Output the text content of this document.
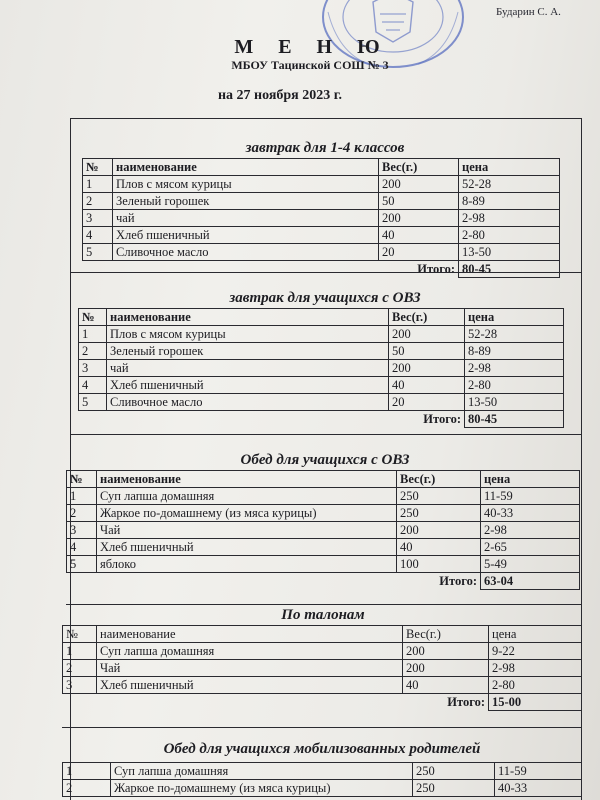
Бударин С. А.
М Е Н Ю
МБОУ Тацинской СОШ № 3
на 27 ноября 2023 г.
завтрак для 1-4 классов
№	наименование	Вес(г.)	цена
1	Плов с мясом курицы	200	52-28
2	Зеленый горошек	50	8-89
3	чай	200	2-98
4	Хлеб пшеничный	40	2-80
5	Сливочное масло	20	13-50
Итого:			80-45
завтрак для учащихся с ОВЗ
№	наименование	Вес(г.)	цена
1	Плов с мясом курицы	200	52-28
2	Зеленый горошек	50	8-89
3	чай	200	2-98
4	Хлеб пшеничный	40	2-80
5	Сливочное масло	20	13-50
Итого:			80-45
Обед для учащихся с ОВЗ
№	наименование	Вес(г.)	цена
1	Суп лапша домашняя	250	11-59
2	Жаркое по-домашнему (из мяса курицы)	250	40-33
3	Чай	200	2-98
4	Хлеб пшеничный	40	2-65
5	яблоко	100	5-49
Итого:			63-04
По талонам
№	наименование	Вес(г.)	цена
1	Суп лапша домашняя	200	9-22
2	Чай	200	2-98
3	Хлеб пшеничный	40	2-80
Итого:			15-00
Обед для учащихся мобилизованных родителей
1	Суп лапша домашняя	250	11-59
2	Жаркое по-домашнему (из мяса курицы)	250	40-33
